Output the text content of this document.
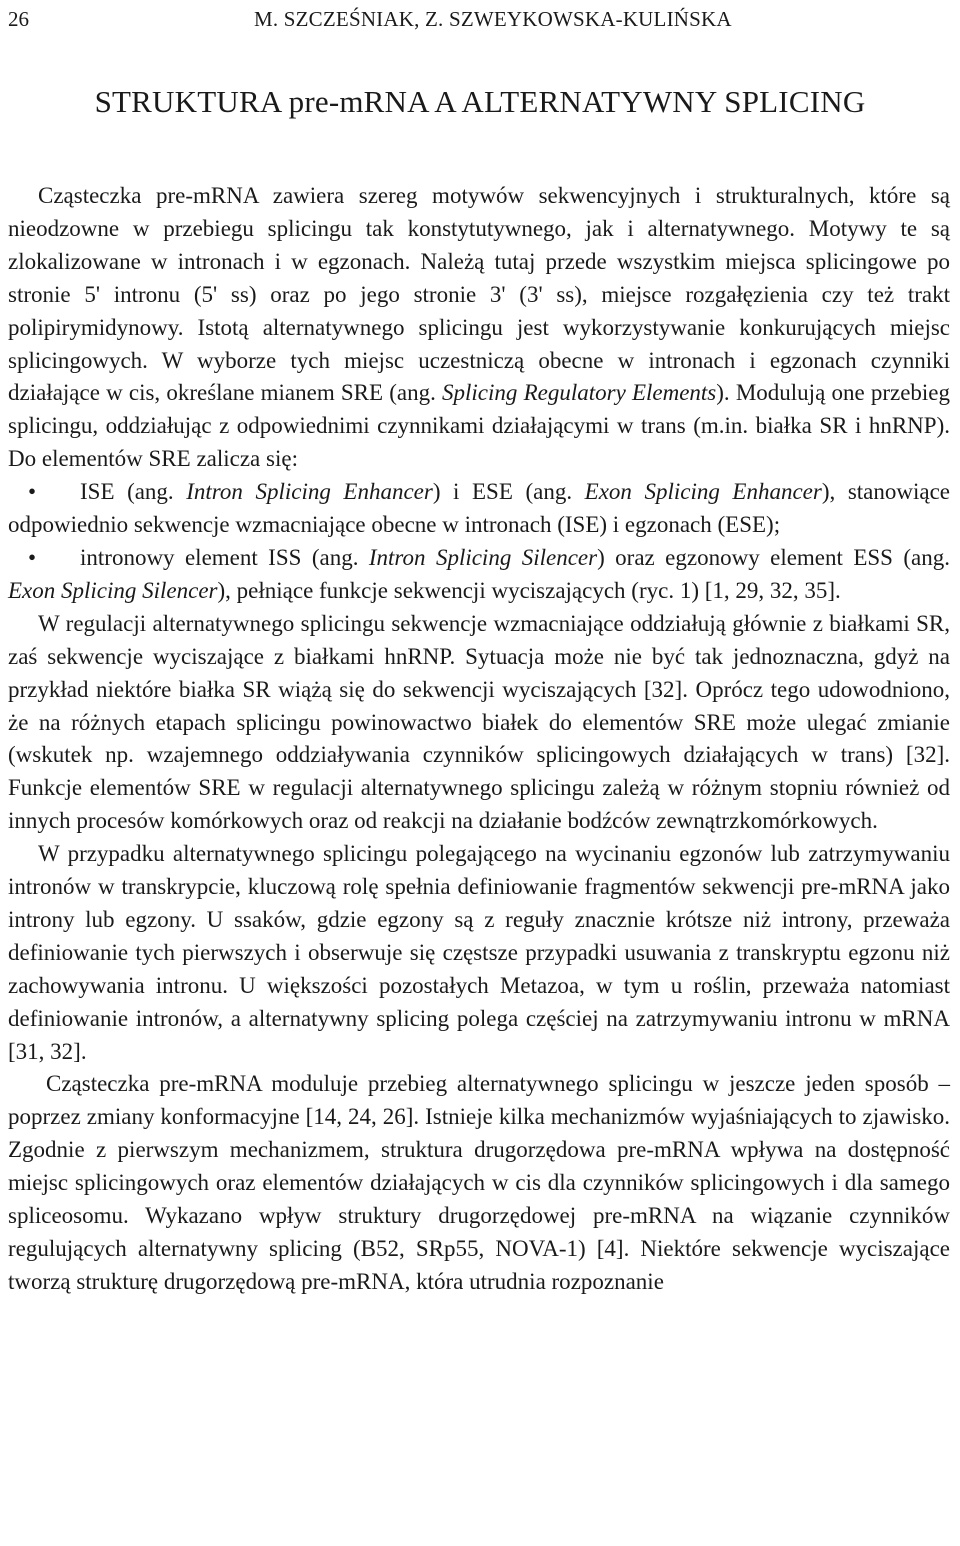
26	M. SZCZEŚNIAK, Z. SZWEYKOWSKA-KULIŃSKA
STRUKTURA pre-mRNA A ALTERNATYWNY SPLICING

Cząsteczka pre-mRNA zawiera szereg motywów sekwencyjnych i strukturalnych, które są nieodzowne w przebiegu splicingu tak konstytutywnego, jak i alternatywnego. Motywy te są zlokalizowane w intronach i w egzonach. Należą tutaj przede wszystkim miejsca splicingowe po stronie 5' intronu (5' ss) oraz po jego stronie 3' (3' ss), miejsce rozgałęzienia czy też trakt polipirymidynowy. Istotą alternatywnego splicingu jest wykorzystywanie konkurujących miejsc splicingowych. W wyborze tych miejsc uczestniczą obecne w intronach i egzonach czynniki działające w cis, określane mianem SRE (ang. Splicing Regulatory Elements). Modulują one przebieg splicingu, oddziałując z odpowiednimi czynnikami działającymi w trans (m.in. białka SR i hnRNP). Do elementów SRE zalicza się:

• ISE (ang. Intron Splicing Enhancer) i ESE (ang. Exon Splicing Enhancer), stanowiące odpowiednio sekwencje wzmacniające obecne w intronach (ISE) i egzonach (ESE);

• intronowy element ISS (ang. Intron Splicing Silencer) oraz egzonowy element ESS (ang. Exon Splicing Silencer), pełniące funkcje sekwencji wyciszających (ryc. 1) [1, 29, 32, 35].

W regulacji alternatywnego splicingu sekwencje wzmacniające oddziałują głównie z białkami SR, zaś sekwencje wyciszające z białkami hnRNP. Sytuacja może nie być tak jednoznaczna, gdyż na przykład niektóre białka SR wiążą się do sekwencji wyciszających [32]. Oprócz tego udowodniono, że na różnych etapach splicingu powinowactwo białek do elementów SRE może ulegać zmianie (wskutek np. wzajemnego oddziaływania czynników splicingowych działających w trans) [32]. Funkcje elementów SRE w regulacji alternatywnego splicingu zależą w różnym stopniu również od innych procesów komórkowych oraz od reakcji na działanie bodźców zewnątrzkomórkowych.

W przypadku alternatywnego splicingu polegającego na wycinaniu egzonów lub zatrzymywaniu intronów w transkrypcie, kluczową rolę spełnia definiowanie fragmentów sekwencji pre-mRNA jako introny lub egzony. U ssaków, gdzie egzony są z reguły znacznie krótsze niż introny, przeważa definiowanie tych pierwszych i obserwuje się częstsze przypadki usuwania z transkryptu egzonu niż zachowywania intronu. U większości pozostałych Metazoa, w tym u roślin, przeważa natomiast definiowanie intronów, a alternatywny splicing polega częściej na zatrzymywaniu intronu w mRNA [31, 32].

Cząsteczka pre-mRNA moduluje przebieg alternatywnego splicingu w jeszcze jeden sposób – poprzez zmiany konformacyjne [14, 24, 26]. Istnieje kilka mechanizmów wyjaśniających to zjawisko. Zgodnie z pierwszym mechanizmem, struktura drugorzędowa pre-mRNA wpływa na dostępność miejsc splicingowych oraz elementów działających w cis dla czynników splicingowych i dla samego spliceosomu. Wykazano wpływ struktury drugorzędowej pre-mRNA na wiązanie czynników regulujących alternatywny splicing (B52, SRp55, NOVA-1) [4]. Niektóre sekwencje wyciszające tworzą strukturę drugorzędową pre-mRNA, która utrudnia rozpoznanie
